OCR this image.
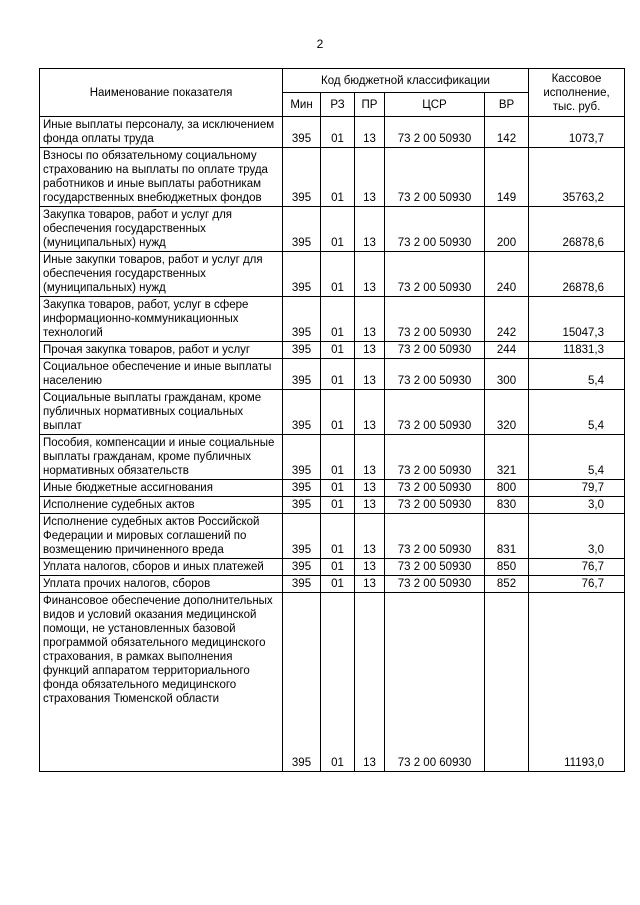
2
Наименование показателя	Код бюджетной классификации					Кассовое исполнение, тыс. руб.
	Мин	РЗ	ПР	ЦСР	ВР	
Иные выплаты персоналу, за исключением фонда оплаты труда	395	01	13	73 2 00 50930	142	1073,7
Взносы по обязательному социальному страхованию на выплаты по оплате труда работников и иные выплаты работникам государственных внебюджетных фондов	395	01	13	73 2 00 50930	149	35763,2
Закупка товаров, работ и услуг для обеспечения государственных (муниципальных) нужд	395	01	13	73 2 00 50930	200	26878,6
Иные закупки товаров, работ и услуг для обеспечения государственных (муниципальных) нужд	395	01	13	73 2 00 50930	240	26878,6
Закупка товаров, работ, услуг в сфере информационно-коммуникационных технологий	395	01	13	73 2 00 50930	242	15047,3
Прочая закупка товаров, работ и услуг	395	01	13	73 2 00 50930	244	11831,3
Социальное обеспечение и иные выплаты населению	395	01	13	73 2 00 50930	300	5,4
Социальные выплаты гражданам, кроме публичных нормативных социальных выплат	395	01	13	73 2 00 50930	320	5,4
Пособия, компенсации и иные социальные выплаты гражданам, кроме публичных нормативных обязательств	395	01	13	73 2 00 50930	321	5,4
Иные бюджетные ассигнования	395	01	13	73 2 00 50930	800	79,7
Исполнение судебных актов	395	01	13	73 2 00 50930	830	3,0
Исполнение судебных актов Российской Федерации и мировых соглашений по возмещению причиненного вреда	395	01	13	73 2 00 50930	831	3,0
Уплата налогов, сборов и иных платежей	395	01	13	73 2 00 50930	850	76,7
Уплата прочих налогов, сборов	395	01	13	73 2 00 50930	852	76,7
Финансовое обеспечение дополнительных видов и условий оказания медицинской помощи, не установленных базовой программой обязательного медицинского страхования, в рамках выполнения функций аппаратом территориального фонда обязательного медицинского страхования Тюменской области	395	01	13	73 2 00 60930		11193,0
